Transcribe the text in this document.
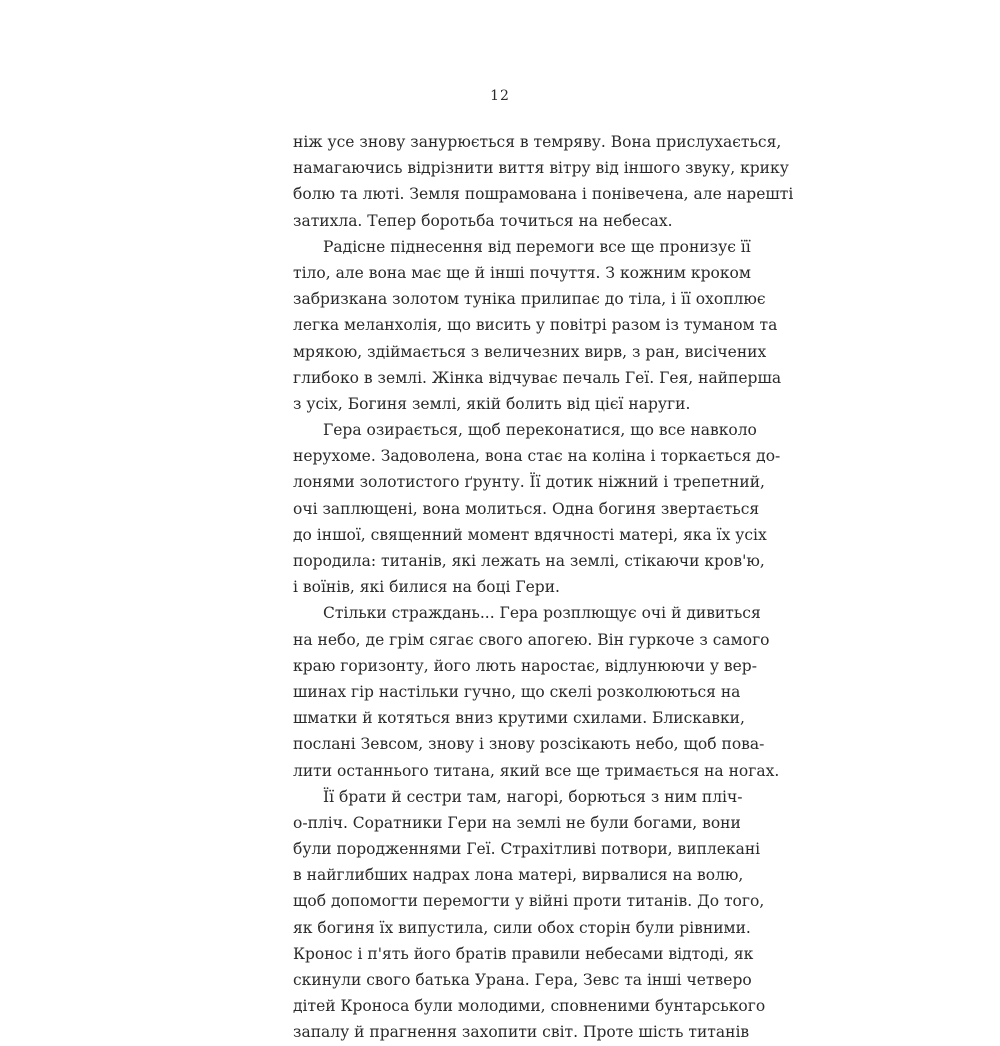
12
ніж усе знову занурюється в темряву. Вона прислухається,
намагаючись відрізнити виття вітру від іншого звуку, крику
болю та люті. Земля пошрамована і понівечена, але нарешті
затихла. Тепер боротьба точиться на небесах.
Радісне піднесення від перемоги все ще пронизує її
тіло, але вона має ще й інші почуття. З кожним кроком
забризкана золотом туніка прилипає до тіла, і її охоплює
легка меланхолія, що висить у повітрі разом із туманом та
мрякою, здіймається з величезних вирв, з ран, висічених
глибоко в землі. Жінка відчуває печаль Геї. Гея, найперша
з усіх, Богиня землі, якій болить від цієї наруги.
Гера озирається, щоб переконатися, що все навколо
нерухоме. Задоволена, вона стає на коліна і торкається до-
лонями золотистого ґрунту. Її дотик ніжний і трепетний,
очі заплющені, вона молиться. Одна богиня звертається
до іншої, священний момент вдячності матері, яка їх усіх
породила: титанів, які лежать на землі, стікаючи кров'ю,
і воїнів, які билися на боці Гери.
Стільки страждань... Гера розплющує очі й дивиться
на небо, де грім сягає свого апогею. Він гуркоче з самого
краю горизонту, його лють наростає, відлунюючи у вер-
шинах гір настільки гучно, що скелі розколюються на
шматки й котяться вниз крутими схилами. Блискавки,
послані Зевсом, знову і знову розсікають небо, щоб пова-
лити останнього титана, який все ще тримається на ногах.
Її брати й сестри там, нагорі, борються з ним пліч-
о-пліч. Соратники Гери на землі не були богами, вони
були породженнями Геї. Страхітливі потвори, виплекані
в найглибших надрах лона матері, вирвалися на волю,
щоб допомогти перемогти у війні проти титанів. До того,
як богиня їх випустила, сили обох сторін були рівними.
Кронос і п'ять його братів правили небесами відтоді, як
скинули свого батька Урана. Гера, Зевс та інші четверо
дітей Кроноса були молодими, сповненими бунтарського
запалу й прагнення захопити світ. Проте шість титанів
